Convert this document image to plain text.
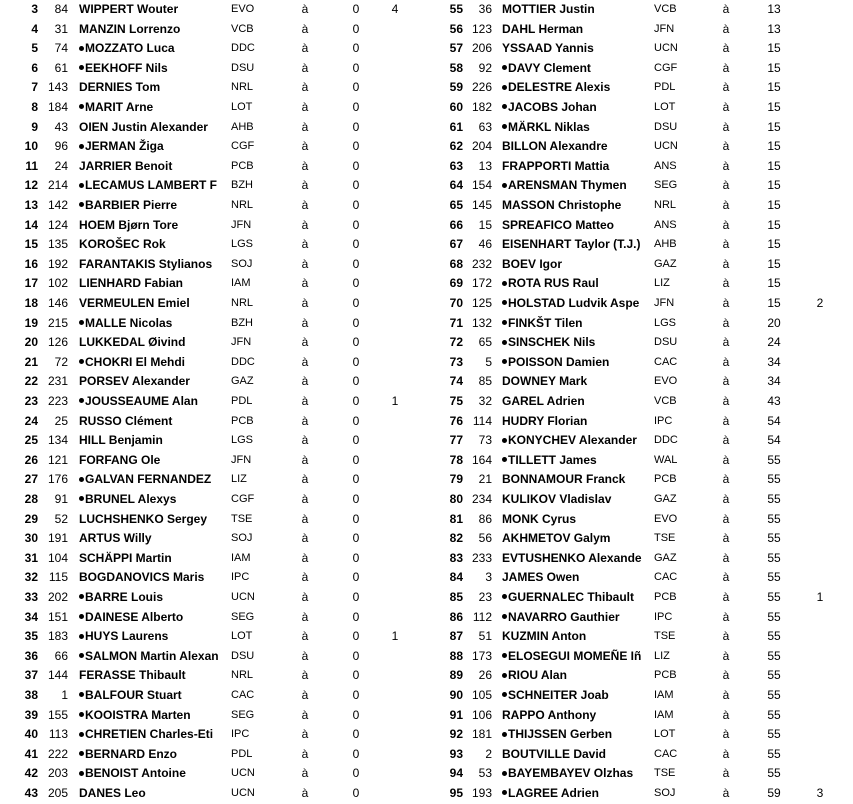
3	84 WIPPERT Wouter	EVO	à	0	4
4	31 MANZIN Lorrenzo	VCB	à	0
5	74	MOZZATO Luca	DDC	à	0
6	61	EEKHOFF Nils	DSU	à	0
7 143 DERNIES Tom	NRL	à	0
8 184	MARIT Arne	LOT	à	0
9	43 OIEN Justin Alexander	AHB	à	0
10	96	JERMAN Žiga	CGF	à	0
11	24 JARRIER Benoit	PCB	à	0
12 214	LECAMUS LAMBERT F	BZH	à	0
13 142	BARBIER Pierre	NRL	à	0
14 124 HOEM Bjørn Tore	JFN	à	0
15 135 KOROŠEC Rok	LGS	à	0
16 192 FARANTAKIS Stylianos	SOJ	à	0
17 102 LIENHARD Fabian	IAM	à	0
18 146 VERMEULEN Emiel	NRL	à	0
19 215	MALLE Nicolas	BZH	à	0
20 126 LUKKEDAL Øivind	JFN	à	0
21	72	CHOKRI El Mehdi	DDC	à	0
22 231 PORSEV Alexander	GAZ	à	0
23 223	JOUSSEAUME Alan	PDL	à	0	1
24	25 RUSSO Clément	PCB	à	0
25 134 HILL Benjamin	LGS	à	0
26 121 FORFANG Ole	JFN	à	0
27 176	GALVAN FERNANDEZ	LIZ	à	0
28	91	BRUNEL Alexys	CGF	à	0
29	52 LUCHSHENKO Sergey	TSE	à	0
30 191 ARTUS Willy	SOJ	à	0
31 104 SCHÄPPI Martin	IAM	à	0
32 115 BOGDANOVICS Maris	IPC	à	0
33 202	BARRE Louis	UCN	à	0
34 151	DAINESE Alberto	SEG	à	0
35 183	HUYS Laurens	LOT	à	0	1
36	66	SALMON Martin Alexan	DSU	à	0
37 144 FERASSE Thibault	NRL	à	0
38	1	BALFOUR Stuart	CAC	à	0
39 155	KOOISTRA Marten	SEG	à	0
40 113	CHRETIEN Charles-Eti	IPC	à	0
41 222	BERNARD Enzo	PDL	à	0
42 203	BENOIST Antoine	UCN	à	0
43 205 DANES Leo	UCN	à	0
55	36 MOTTIER Justin	VCB	à	13
56 123 DAHL Herman	JFN	à	13
57 206 YSSAAD Yannis	UCN	à	15
58	92	DAVY Clement	CGF	à	15
59 226	DELESTRE Alexis	PDL	à	15
60 182	JACOBS Johan	LOT	à	15
61	63	MÄRKL Niklas	DSU	à	15
62 204 BILLON Alexandre	UCN	à	15
63	13 FRAPPORTI Mattia	ANS	à	15
64 154	ARENSMAN Thymen	SEG	à	15
65 145 MASSON Christophe	NRL	à	15
66	15 SPREAFICO Matteo	ANS	à	15
67	46 EISENHART Taylor (T.J.)	AHB	à	15
68 232 BOEV Igor	GAZ	à	15
69 172	ROTA RUS Raul	LIZ	à	15
70 125	HOLSTAD Ludvik Aspe	JFN	à	15	2
71 132	FINKŠT Tilen	LGS	à	20
72	65	SINSCHEK Nils	DSU	à	24
73	5	POISSON Damien	CAC	à	34
74	85 DOWNEY Mark	EVO	à	34
75	32 GAREL Adrien	VCB	à	43
76 114 HUDRY Florian	IPC	à	54
77	73	KONYCHEV Alexander	DDC	à	54
78 164	TILLETT James	WAL	à	55
79	21 BONNAMOUR Franck	PCB	à	55
80 234 KULIKOV Vladislav	GAZ	à	55
81	86 MONK Cyrus	EVO	à	55
82	56 AKHMETOV Galym	TSE	à	55
83 233 EVTUSHENKO Alexande	GAZ	à	55
84	3 JAMES Owen	CAC	à	55
85	23	GUERNALEC Thibault	PCB	à	55	1
86 112	NAVARRO Gauthier	IPC	à	55
87	51 KUZMIN Anton	TSE	à	55
88 173	ELOSEGUI MOMEÑE Iñ	LIZ	à	55
89	26	RIOU Alan	PCB	à	55
90 105	SCHNEITER Joab	IAM	à	55
91 106 RAPPO Anthony	IAM	à	55
92 181	THIJSSEN Gerben	LOT	à	55
93	2 BOUTVILLE David	CAC	à	55
94	53	BAYEMBAYEV Olzhas	TSE	à	55
95 193	LAGREE Adrien	SOJ	à	59	3
